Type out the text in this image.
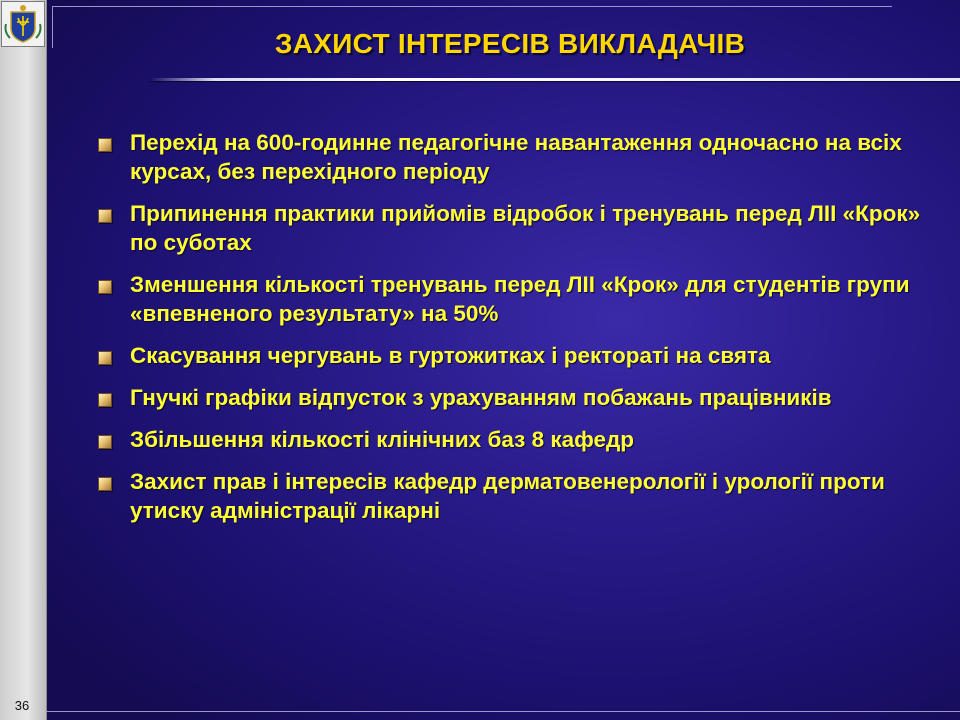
36
ЗАХИСТ ІНТЕРЕСІВ ВИКЛАДАЧІВ
Перехід на 600-годинне педагогічне навантаження одночасно на всіх курсах, без перехідного періоду
Припинення практики прийомів відробок і тренувань перед ЛІІ «Крок» по суботах
Зменшення кількості тренувань перед ЛІІ «Крок» для студентів групи «впевненого результату» на 50%
Скасування чергувань в гуртожитках і ректораті на свята
Гнучкі графіки відпусток з урахуванням побажань працівників
Збільшення кількості клінічних баз 8 кафедр
Захист прав і інтересів кафедр дерматовенерології і урології проти утиску адміністрації лікарні
